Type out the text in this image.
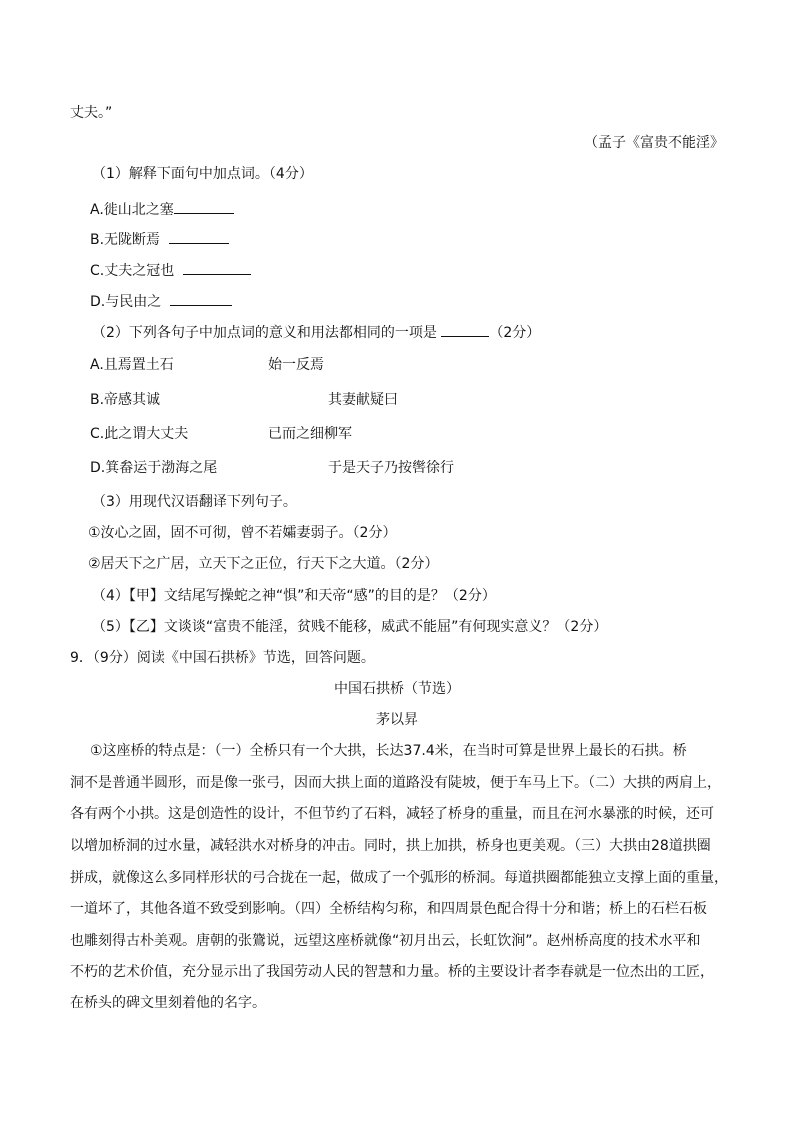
丈夫。”
（孟子《富贵不能淫》
（1）解释下面句中加点词。（4分）
A.徙山北之塞
B.无陇断焉
C.丈夫之冠也
D.与民由之
（2）下列各句子中加点词的意义和用法都相同的一项是	（2分）
A.且焉置土石	始一反焉
B.帝感其诚	其妻献疑曰
C.此之谓大丈夫	已而之细柳军
D.箕畚运于渤海之尾	于是天子乃按辔徐行
（3）用现代汉语翻译下列句子。
①汝心之固，固不可彻，曾不若孀妻弱子。（2分）
②居天下之广居，立天下之正位，行天下之大道。（2分）
（4）【甲】文结尾写操蛇之神“惧”和天帝“感”的目的是？（2分）
（5）【乙】文谈谈“富贵不能淫，贫贱不能移，威武不能屈”有何现实意义？（2分）
9．（9分）阅读《中国石拱桥》节选，回答问题。
中国石拱桥（节选）
茅以昇
①这座桥的特点是：（一）全桥只有一个大拱，长达37.4米，在当时可算是世界上最长的石拱。桥
洞不是普通半圆形，而是像一张弓，因而大拱上面的道路没有陡坡，便于车马上下。（二）大拱的两肩上，
各有两个小拱。这是创造性的设计，不但节约了石料，减轻了桥身的重量，而且在河水暴涨的时候，还可
以增加桥洞的过水量，减轻洪水对桥身的冲击。同时，拱上加拱，桥身也更美观。（三）大拱由28道拱圈
拼成，就像这么多同样形状的弓合拢在一起，做成了一个弧形的桥洞。每道拱圈都能独立支撑上面的重量，
一道坏了，其他各道不致受到影响。（四）全桥结构匀称，和四周景色配合得十分和谐；桥上的石栏石板
也雕刻得古朴美观。唐朝的张鷟说，远望这座桥就像“初月出云，长虹饮涧”。赵州桥高度的技术水平和
不朽的艺术价值，充分显示出了我国劳动人民的智慧和力量。桥的主要设计者李春就是一位杰出的工匠，
在桥头的碑文里刻着他的名字。
